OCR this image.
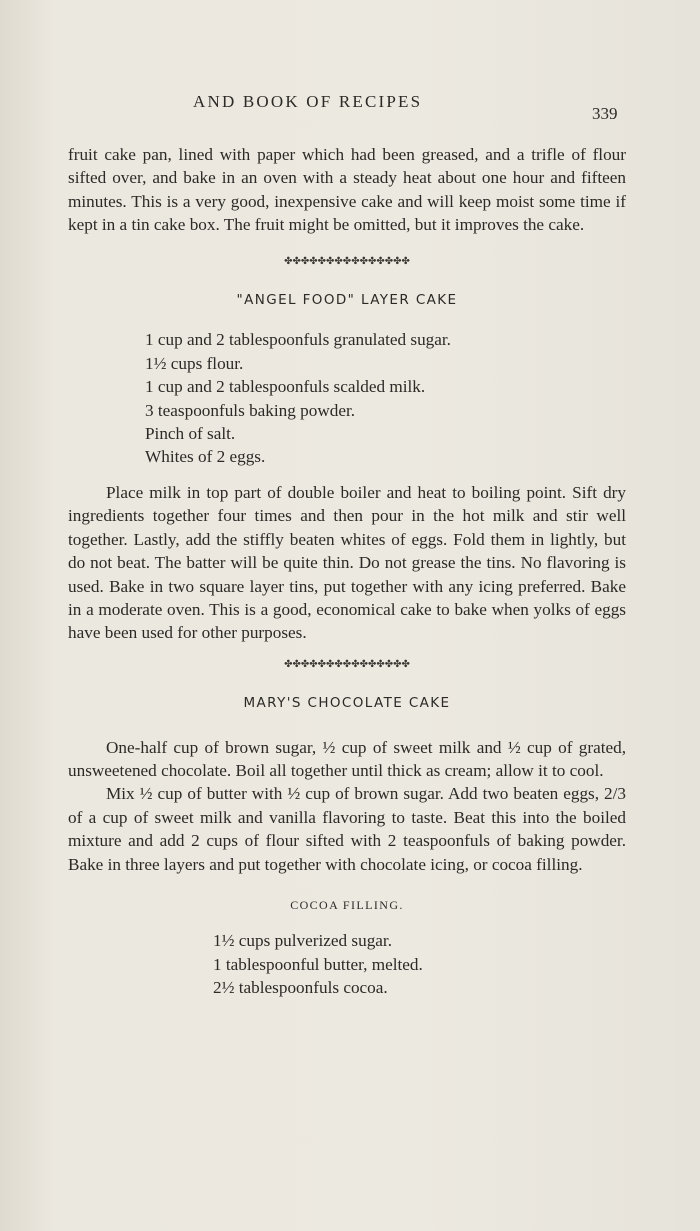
AND BOOK OF RECIPES
339

fruit cake pan, lined with paper which had been greased, and a trifle of flour sifted over, and bake in an oven with a steady heat about one hour and fifteen minutes. This is a very good, inexpensive cake and will keep moist some time if kept in a tin cake box. The fruit might be omitted, but it improves the cake.

✤✤✤✤✤✤✤✤✤✤✤✤✤✤✤
"ANGEL FOOD" LAYER CAKE
1 cup and 2 tablespoonfuls granulated sugar.
1½ cups flour.
1 cup and 2 tablespoonfuls scalded milk.
3 teaspoonfuls baking powder.
Pinch of salt.
Whites of 2 eggs.

Place milk in top part of double boiler and heat to boiling point. Sift dry ingredients together four times and then pour in the hot milk and stir well together. Lastly, add the stiffly beaten whites of eggs. Fold them in lightly, but do not beat. The batter will be quite thin. Do not grease the tins. No flavoring is used. Bake in two square layer tins, put together with any icing preferred. Bake in a moderate oven. This is a good, economical cake to bake when yolks of eggs have been used for other purposes.

✤✤✤✤✤✤✤✤✤✤✤✤✤✤✤
MARY'S CHOCOLATE CAKE

One-half cup of brown sugar, ½ cup of sweet milk and ½ cup of grated, unsweetened chocolate. Boil all together until thick as cream; allow it to cool.

Mix ½ cup of butter with ½ cup of brown sugar. Add two beaten eggs, 2/3 of a cup of sweet milk and vanilla flavoring to taste. Beat this into the boiled mixture and add 2 cups of flour sifted with 2 teaspoonfuls of baking powder. Bake in three layers and put together with chocolate icing, or cocoa filling.

COCOA FILLING.
1½ cups pulverized sugar.
1 tablespoonful butter, melted.
2½ tablespoonfuls cocoa.
